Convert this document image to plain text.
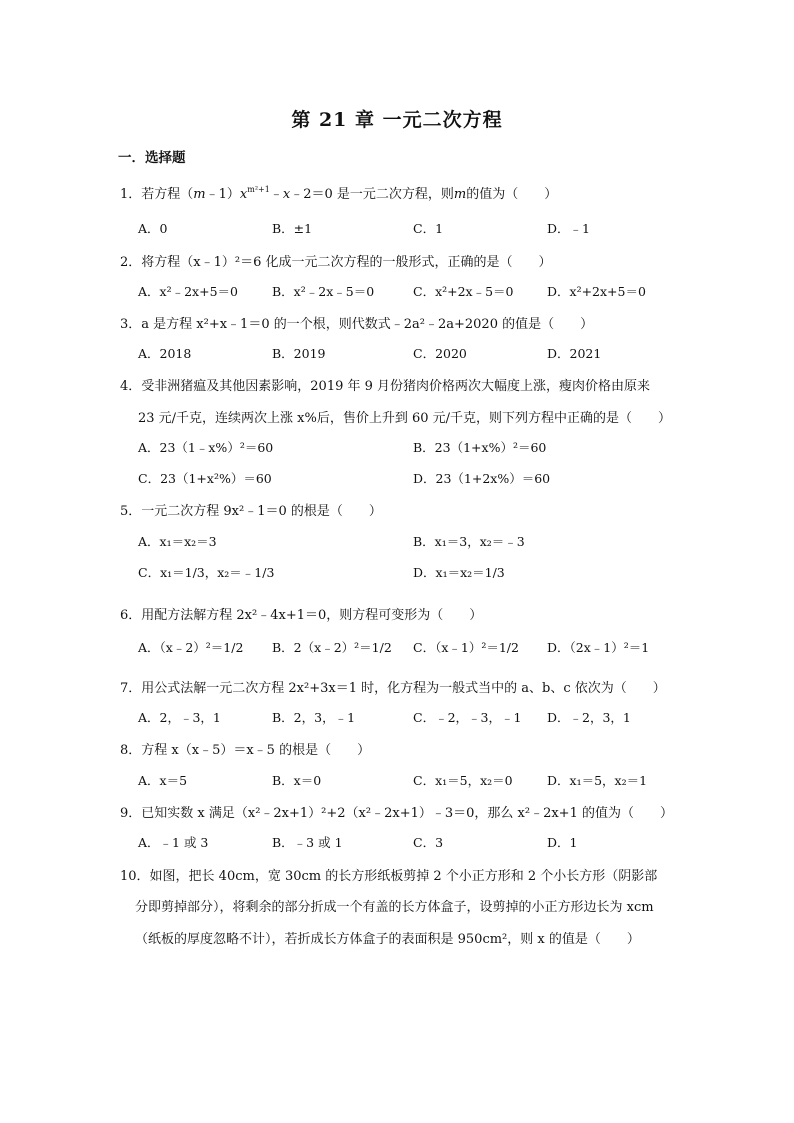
第 21 章 一元二次方程
一．选择题
1．若方程$(m﹣1)x^{m^2+1}﹣x﹣2=0$ 是一元二次方程，则m的值为（　　）
A．0	B．±1	C．1	D．﹣1
2．将方程（x﹣1）²＝6 化成一元二次方程的一般形式，正确的是（　　）
A．x²﹣2x+5＝0	B．x²﹣2x﹣5＝0	C．x²+2x﹣5＝0	D．x²+2x+5＝0
3．a 是方程 x²+x﹣1＝0 的一个根，则代数式﹣2a²﹣2a+2020 的值是（　　）
A．2018	B．2019	C．2020	D．2021
4．受非洲猪瘟及其他因素影响，2019 年 9 月份猪肉价格两次大幅度上涨，瘦肉价格由原来
23 元/千克，连续两次上涨 x%后，售价上升到 60 元/千克，则下列方程中正确的是（　　）
A．23（1﹣x%）²＝60	B．23（1+x%）²＝60
C．23（1+x²%）＝60	D．23（1+2x%）＝60
5．一元二次方程 9x²﹣1＝0 的根是（　　）
A．x₁＝x₂＝3	B．x₁＝3，x₂＝﹣3
C．x₁＝1/3，x₂＝﹣1/3	D．x₁＝x₂＝1/3
6．用配方法解方程 2x²﹣4x+1＝0，则方程可变形为（　　）
A．（x﹣2）²＝1/2 B．2（x﹣2）²＝1/2 C．（x﹣1）²＝1/2 D．（2x﹣1）²＝1
7．用公式法解一元二次方程 2x²+3x＝1 时，化方程为一般式当中的 a、b、c 依次为（　　）
A．2，﹣3，1	B．2，3，﹣1	C．﹣2，﹣3，﹣1 D．﹣2，3，1
8．方程 x（x﹣5）＝x﹣5 的根是（　　）
A．x＝5	B．x＝0	C．x₁＝5，x₂＝0	D．x₁＝5，x₂＝1
9．已知实数 x 满足（x²﹣2x+1）²+2（x²﹣2x+1）﹣3＝0，那么 x²﹣2x+1 的值为（　　）
A．﹣1 或 3	B．﹣3 或 1	C．3	D．1
10．如图，把长 40cm，宽 30cm 的长方形纸板剪掉 2 个小正方形和 2 个小长方形（阴影部
分即剪掉部分），将剩余的部分折成一个有盖的长方体盒子，设剪掉的小正方形边长为 xcm
（纸板的厚度忽略不计），若折成长方体盒子的表面积是 950cm²，则 x 的值是（　　）
